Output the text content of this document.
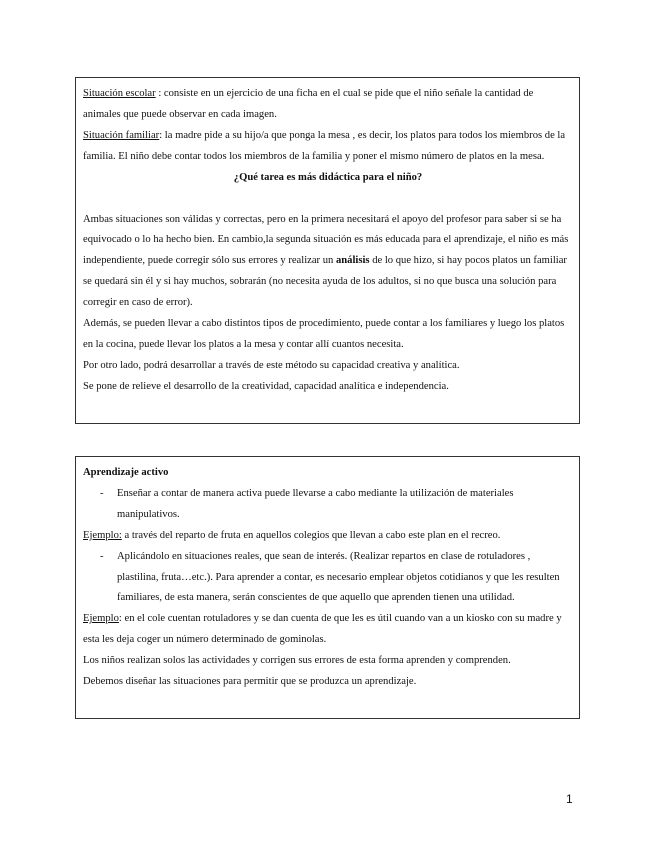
Situación escolar : consiste en un ejercicio de una ficha en el cual se pide que el niño señale la cantidad de animales que puede observar en cada imagen.

Situación familiar: la madre pide a su hijo/a que ponga la mesa , es decir, los platos para todos los miembros de la familia. El niño debe contar todos los miembros de la familia y poner el mismo número de platos en la mesa.

¿Qué tarea es más didáctica para el niño?

Ambas situaciones son válidas y correctas, pero en la primera necesitará el apoyo del profesor para saber si se ha equivocado o lo ha hecho bien. En cambio,la segunda situación es más educada para el aprendizaje, el niño es más independiente, puede corregir sólo sus errores y realizar un análisis de lo que hizo, si hay pocos platos un familiar se quedará sin él y si hay muchos, sobrarán (no necesita ayuda de los adultos, si no que busca una solución para corregir en caso de error).

Además, se pueden llevar a cabo distintos tipos de procedimiento, puede contar a los familiares y luego los platos en la cocina, puede llevar los platos a la mesa y contar allí cuantos necesita.

Por otro lado, podrá desarrollar a través de este método su capacidad creativa y analítica.

Se pone de relieve el desarrollo de la creatividad, capacidad analítica e independencia.

Aprendizaje activo

- Enseñar a contar de manera activa puede llevarse a cabo mediante la utilización de materiales manipulativos.

Ejemplo: a través del reparto de fruta en aquellos colegios que llevan a cabo este plan en el recreo.

- Aplicándolo en situaciones reales, que sean de interés. (Realizar repartos en clase de rotuladores , plastilina, fruta…etc.). Para aprender a contar, es necesario emplear objetos cotidianos y que les resulten familiares, de esta manera, serán conscientes de que aquello que aprenden tienen una utilidad.

Ejemplo: en el cole cuentan rotuladores y se dan cuenta de que les es útil cuando van a un kiosko con su madre y esta les deja coger un número determinado de gominolas.

Los niños realizan solos las actividades y corrigen sus errores de esta forma aprenden y comprenden.

Debemos diseñar las situaciones para permitir que se produzca un aprendizaje.

1
